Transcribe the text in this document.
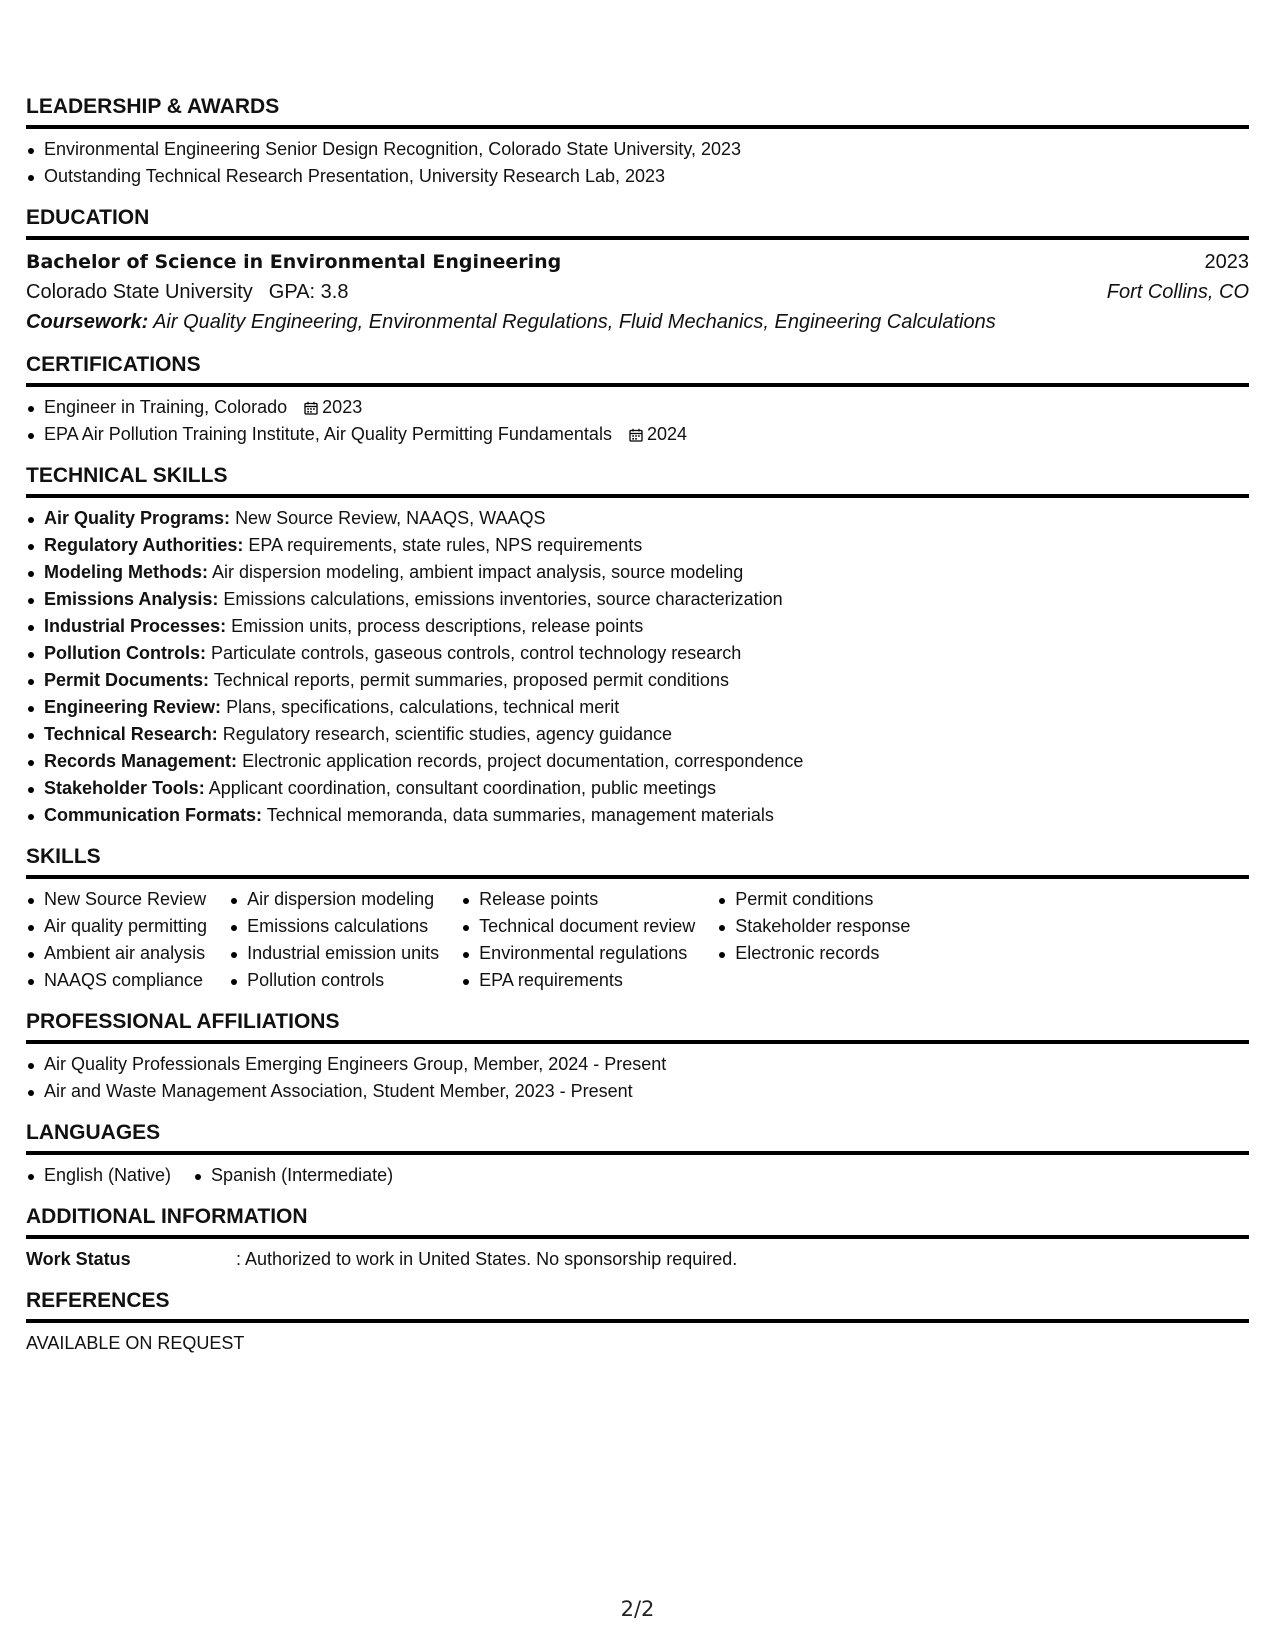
LEADERSHIP & AWARDS
Environmental Engineering Senior Design Recognition, Colorado State University, 2023
Outstanding Technical Research Presentation, University Research Lab, 2023
EDUCATION
Bachelor of Science in Environmental Engineering	2023
Colorado State University GPA: 3.8	Fort Collins, CO
Coursework: Air Quality Engineering, Environmental Regulations, Fluid Mechanics, Engineering Calculations
CERTIFICATIONS
Engineer in Training, Colorado 2023
EPA Air Pollution Training Institute, Air Quality Permitting Fundamentals 2024
TECHNICAL SKILLS
Air Quality Programs: New Source Review, NAAQS, WAAQS
Regulatory Authorities: EPA requirements, state rules, NPS requirements
Modeling Methods: Air dispersion modeling, ambient impact analysis, source modeling
Emissions Analysis: Emissions calculations, emissions inventories, source characterization
Industrial Processes: Emission units, process descriptions, release points
Pollution Controls: Particulate controls, gaseous controls, control technology research
Permit Documents: Technical reports, permit summaries, proposed permit conditions
Engineering Review: Plans, specifications, calculations, technical merit
Technical Research: Regulatory research, scientific studies, agency guidance
Records Management: Electronic application records, project documentation, correspondence
Stakeholder Tools: Applicant coordination, consultant coordination, public meetings
Communication Formats: Technical memoranda, data summaries, management materials
SKILLS
New Source Review
Air quality permitting
Ambient air analysis
NAAQS compliance
Air dispersion modeling
Emissions calculations
Industrial emission units
Pollution controls
Release points
Technical document review
Environmental regulations
EPA requirements
Permit conditions
Stakeholder response
Electronic records
PROFESSIONAL AFFILIATIONS
Air Quality Professionals Emerging Engineers Group, Member, 2024 - Present
Air and Waste Management Association, Student Member, 2023 - Present
LANGUAGES
English (Native)	Spanish (Intermediate)
ADDITIONAL INFORMATION
Work Status	: Authorized to work in United States. No sponsorship required.
REFERENCES
AVAILABLE ON REQUEST
2/2
